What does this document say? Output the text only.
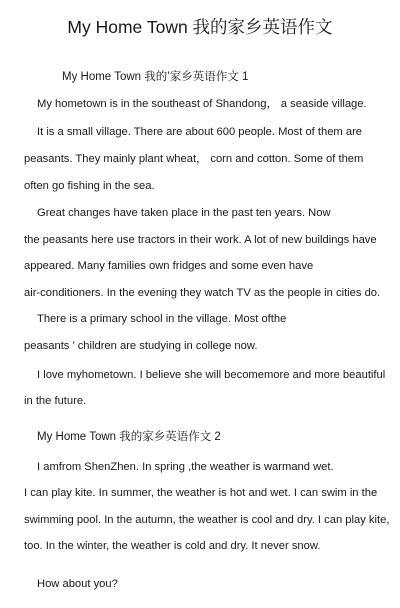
My Home Town 我的家乡英语作文
My Home Town 我的’家乡英语作文 1
My hometown is in the southeast of Shandong， a seaside village.
It is a small village. There are about 600 people. Most of them are
peasants. They mainly plant wheat， corn and cotton. Some of them
often go fishing in the sea.
Great changes have taken place in the past ten years. Now
the peasants here use tractors in their work. A lot of new buildings have
appeared. Many families own fridges and some even have
air-conditioners. In the evening they watch TV as the people in cities do.
There is a primary school in the village. Most ofthe
peasants ’ children are studying in college now.
I love myhometown. I believe she will becomemore and more beautiful
in the future.
My Home Town 我的家乡英语作文 2
I amfrom ShenZhen. In spring ,the weather is warmand wet.
I can play kite. In summer, the weather is hot and wet. I can swim in the
swimming pool. In the autumn, the weather is cool and dry. I can play kite,
too. In the winter, the weather is cold and dry. It never snow.
How about you?
